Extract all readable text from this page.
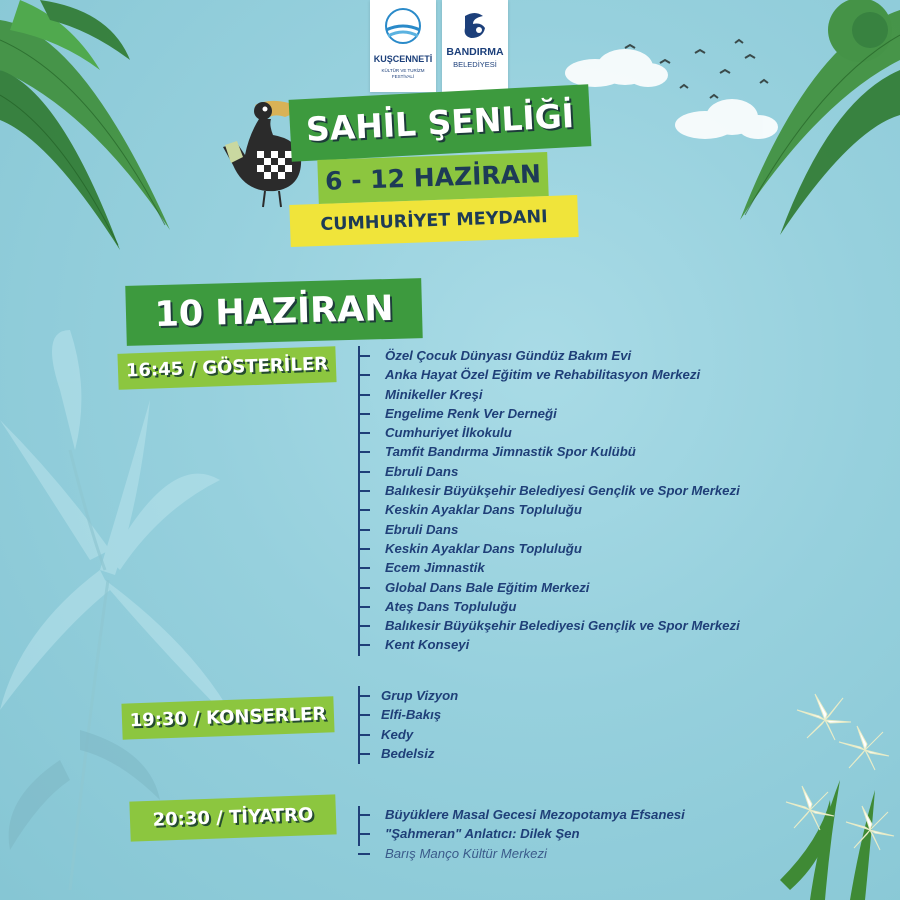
KUŞCENNETİ
KÜLTÜR VE TURİZM FESTİVALİ
BANDIRMA
BELEDİYESİ
SAHİL ŞENLİĞİ
6 - 12 HAZİRAN
CUMHURİYET MEYDANI
10 HAZİRAN
16:45 / GÖSTERİLER	Özel Çocuk Dünyası Gündüz Bakım Evi
Anka Hayat Özel Eğitim ve Rehabilitasyon Merkezi
Minikeller Kreşi
Engelime Renk Ver Derneği
Cumhuriyet İlkokulu
Tamfit Bandırma Jimnastik Spor Kulübü
Ebruli Dans
Balıkesir Büyükşehir Belediyesi Gençlik ve Spor Merkezi
Keskin Ayaklar Dans Topluluğu
Ebruli Dans
Keskin Ayaklar Dans Topluluğu
Ecem Jimnastik
Global Dans Bale Eğitim Merkezi
Ateş Dans Topluluğu
Balıkesir Büyükşehir Belediyesi Gençlik ve Spor Merkezi
Kent Konseyi
19:30 / KONSERLER
Grup Vizyon
Elfi-Bakış
Kedy
Bedelsiz
20:30 / TİYATRO	Büyüklere Masal Gecesi Mezopotamya Efsanesi
"Şahmeran" Anlatıcı: Dilek Şen
Barış Manço Kültür Merkezi
